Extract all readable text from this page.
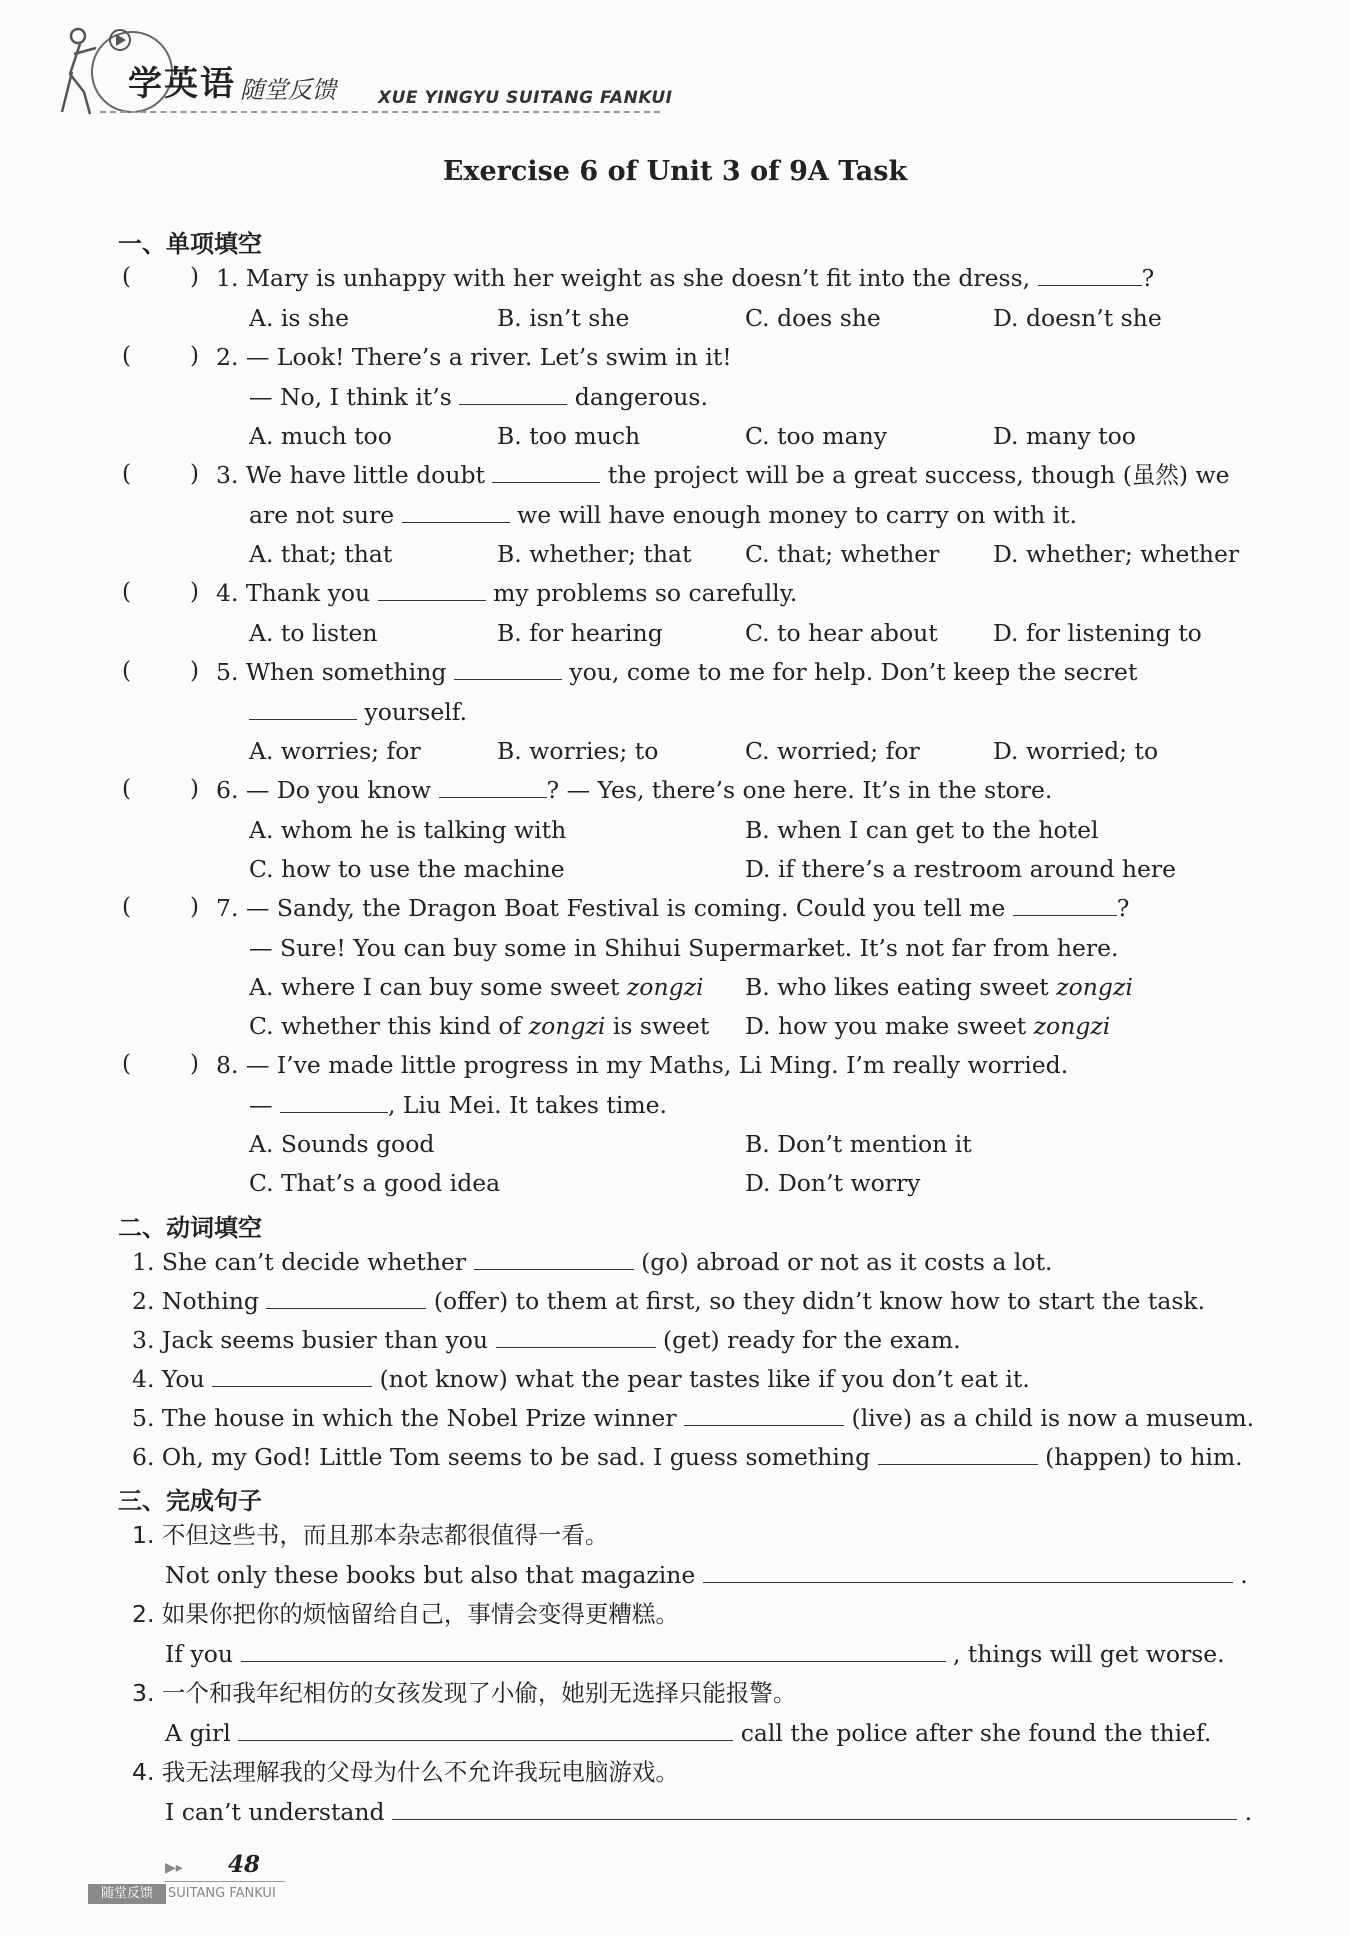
学英语 随堂反馈 XUE YINGYU SUITANG FANKUI
Exercise 6 of Unit 3 of 9A Task
一、单项填空
(	) 1. Mary is unhappy with her weight as she doesn’t fit into the dress,	?
A. is she	B. isn’t she	C. does she	D. doesn’t she
(	) 2. — Look! There’s a river. Let’s swim in it!
— No, I think it’s	dangerous.
A. much too	B. too much	C. too many	D. many too
(	) 3. We have little doubt	the project will be a great success, though (虽然) we
are not sure	we will have enough money to carry on with it.
A. that; that	B. whether; that C. that; whether D. whether; whether
(	) 4. Thank you	my problems so carefully.
A. to listen	B. for hearing	C. to hear about D. for listening to
(	) 5. When something	you, come to me for help. Don’t keep the secret
yourself.
A. worries; for	B. worries; to	C. worried; for	D. worried; to
(	) 6. — Do you know	? — Yes, there’s one here. It’s in the store.
A. whom he is talking with	B. when I can get to the hotel
C. how to use the machine	D. if there’s a restroom around here
(	) 7. — Sandy, the Dragon Boat Festival is coming. Could you tell me	?
— Sure! You can buy some in Shihui Supermarket. It’s not far from here.
A. where I can buy some sweet zongzi B. who likes eating sweet zongzi
C. whether this kind of zongzi is sweet D. how you make sweet zongzi
(	) 8. — I’ve made little progress in my Maths, Li Ming. I’m really worried.
—	, Liu Mei. It takes time.
A. Sounds good	B. Don’t mention it
C. That’s a good idea	D. Don’t worry
二、动词填空
1. She can’t decide whether	(go) abroad or not as it costs a lot.
2. Nothing	(offer) to them at first, so they didn’t know how to start the task.
3. Jack seems busier than you	(get) ready for the exam.
4. You	(not know) what the pear tastes like if you don’t eat it.
5. The house in which the Nobel Prize winner	(live) as a child is now a museum.
6. Oh, my God! Little Tom seems to be sad. I guess something	(happen) to him.
三、完成句子
1. 不但这些书，而且那本杂志都很值得一看。
Not only these books but also that magazine	.
2. 如果你把你的烦恼留给自己，事情会变得更糟糕。
If you	, things will get worse.
3. 一个和我年纪相仿的女孩发现了小偷，她别无选择只能报警。
A girl	call the police after she found the thief.
4. 我无法理解我的父母为什么不允许我玩电脑游戏。
I can’t understand	.
▶▸ 48
随堂反馈	SUITANG FANKUI
